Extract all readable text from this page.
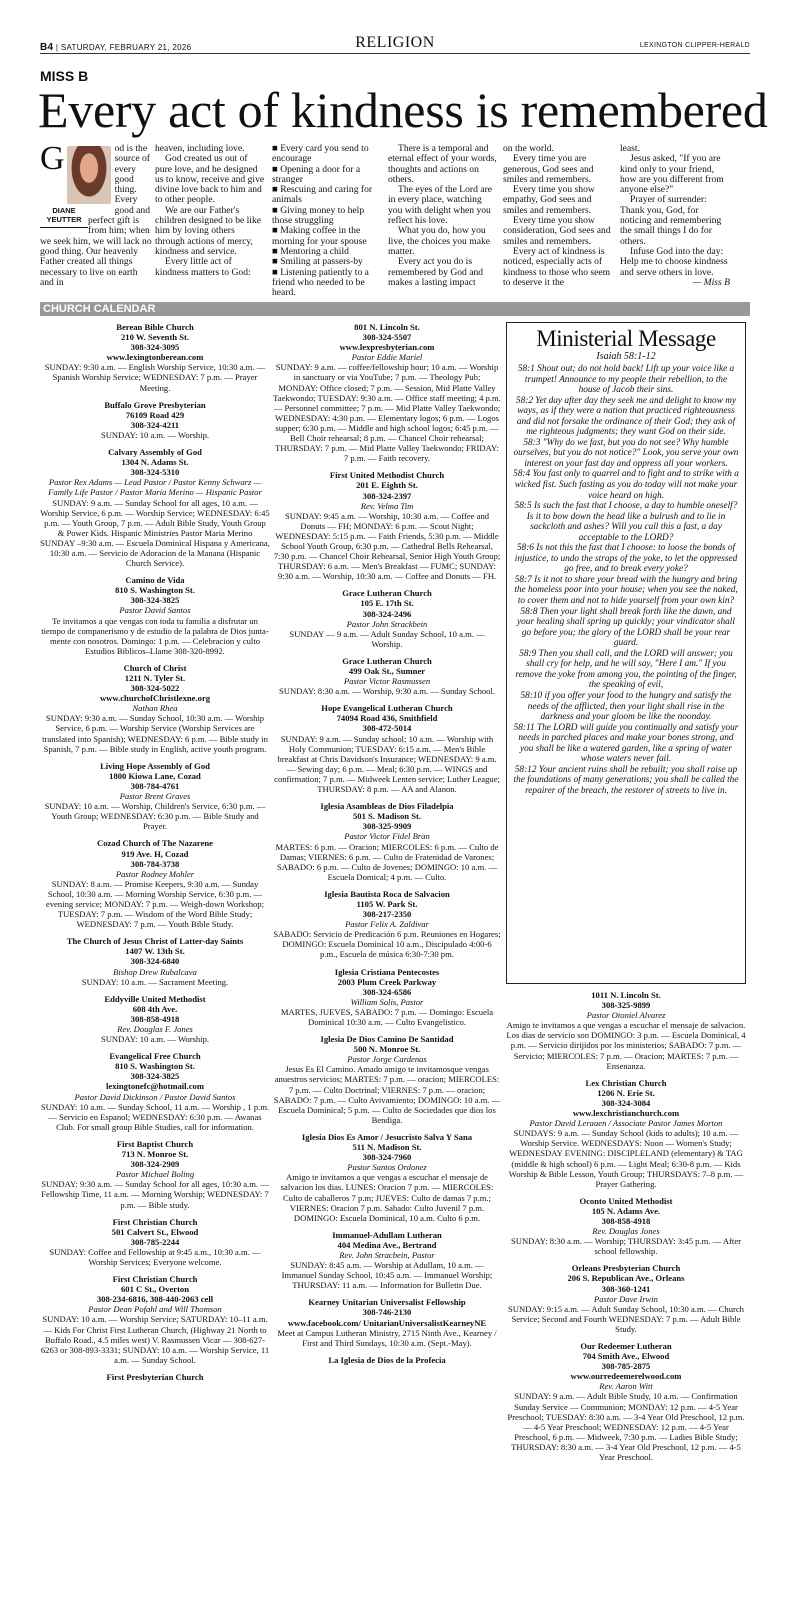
B4 | SATURDAY, FEBRUARY 21, 2026	RELIGION	LEXINGTON CLIPPER-HERALD
MISS B
Every act of kindness is remembered
G
DIANE YEUTTER

od is the source of every good thing. Every good and perfect gift is from him; when we seek him, we will lack no good thing. Our heavenly Father created all things necessary to live on earth and in

heaven, including love.

God created us out of pure love, and he designed us to know, receive and give divine love back to him and to other people.

We are our Father's children designed to be like him by loving others through actions of mercy, kindness and service.

Every little act of kindness matters to God:

■ Every card you send to encourage

■ Opening a door for a stranger

■ Rescuing and caring for animals

■ Giving money to help those struggling

■ Making coffee in the morning for your spouse

■ Mentoring a child

■ Smiling at passers-by

■ Listening patiently to a friend who needed to be heard.

There is a temporal and eternal effect of your words, thoughts and actions on others.

The eyes of the Lord are in every place, watching you with delight when you reflect his love.

What you do, how you live, the choices you make matter.

Every act you do is remembered by God and makes a lasting impact

on the world.

Every time you are generous, God sees and smiles and remembers.

Every time you show empathy, God sees and smiles and remembers.

Every time you show consideration, God sees and smiles and remembers.

Every act of kindness is noticed, especially acts of kindness to those who seem to deserve it the

least.

Jesus asked, "If you are kind only to your friend, how are you different from anyone else?"

Prayer of surrender: Thank you, God, for noticing and remembering the small things I do for others.

Infuse God into the day: Help me to choose kindness and serve others in love.

— Miss B

CHURCH CALENDAR
Berean Bible Church
210 W. Seventh St.
308-324-3095
www.lexingtonberean.com
SUNDAY: 9:30 a.m. — English Worship Service, 10:30 a.m. — Spanish Worship Service; WEDNESDAY: 7 p.m. — Prayer Meeting.
Buffalo Grove Presbyterian
76109 Road 429
308-324-4211
SUNDAY: 10 a.m. — Worship.
Calvary Assembly of God
1304 N. Adams St.
308-324-5310
Pastor Rex Adams — Lead Pastor / Pastor Kenny Schwarz — Family Life Pastor / Pastor Maria Merino — Hispanic Pastor
SUNDAY: 9 a.m. — Sunday School for all ages, 10 a.m. — Worship Service, 6 p.m. — Worship Service; WEDNESDAY: 6:45 p.m. — Youth Group, 7 p.m. — Adult Bible Study, Youth Group & Power Kids. Hispanic Ministries Pastor Maria Merino SUNDAY –9:30 a.m. — Escuela Dominical Hispana y Americana, 10:30 a.m. — Servicio de Adoracion de la Manana (Hispanic Church Service).
Camino de Vida
810 S. Washington St.
308-324-3825
Pastor David Santos
Te invitamos a que vengas con toda tu familia a disfrutar un tiempo de companerismo y de estudio de la palabra de Dios junta-mente con nosotros. Domingo: 1 p.m. — Celebracion y culto Estudios Biblicos–Llame 308-320-8992.
Church of Christ
1211 N. Tyler St.
308-324-5022
www.churchofChristlexne.org
Nathan Rhea
SUNDAY: 9:30 a.m. — Sunday School, 10:30 a.m. — Worship Service, 6 p.m. — Worship Service (Worship Services are translated into Spanish); WEDNESDAY: 6 p.m. — Bible study in Spanish, 7 p.m. — Bible study in English, active youth program.
Living Hope Assembly of God
1800 Kiowa Lane, Cozad
308-784-4761
Pastor Brent Graves
SUNDAY: 10 a.m. — Worship, Children's Service, 6:30 p.m. — Youth Group; WEDNESDAY: 6:30 p.m. — Bible Study and Prayer.
Cozad Church of The Nazarene
919 Ave. H, Cozad
308-784-3738
Pastor Rodney Mohler
SUNDAY: 8 a.m. — Promise Keepers, 9:30 a.m. — Sunday School, 10:30 a.m. — Morning Worship Service, 6:30 p.m. — evening service; MONDAY: 7 p.m. — Weigh-down Workshop; TUESDAY: 7 p.m. — Wisdom of the Word Bible Study; WEDNESDAY: 7 p.m. — Youth Bible Study.
The Church of Jesus Christ of Latter-day Saints
1407 W. 13th St.
308-324-6840
Bishop Drew Rubalcava
SUNDAY: 10 a.m. — Sacrament Meeting.
Eddyville United Methodist
608 4th Ave.
308-858-4918
Rev. Douglas F. Jones
SUNDAY: 10 a.m. — Worship.
Evangelical Free Church
810 S. Washington St.
308-324-3825
lexingtonefc@hotmail.com
Pastor David Dickinson / Pastor David Santos
SUNDAY: 10 a.m. — Sunday School, 11 a.m. — Worship , 1 p.m. — Servicio en Espanol; WEDNESDAY: 6:30 p.m. — Awanas Club. For small group Bible Studies, call for information.
First Baptist Church
713 N. Monroe St.
308-324-2909
Pastor Michael Boling
SUNDAY: 9:30 a.m. — Sunday School for all ages, 10:30 a.m. — Fellowship Time, 11 a.m. — Morning Worship; WEDNESDAY: 7 p.m. — Bible study.
First Christian Church
501 Calvert St., Elwood
308-785-2244
SUNDAY: Coffee and Fellowship at 9:45 a.m., 10:30 a.m. — Worship Services; Everyone welcome.
First Christian Church
601 C St., Overton
308-234-6816, 308-440-2063 cell
Pastor Dean Pofahl and Will Thomson
SUNDAY: 10 a.m. — Worship Service; SATURDAY: 10–11 a.m. — Kids For Christ First Lutheran Church, (Highway 21 North to Buffalo Road., 4.5 miles west) V. Rasmussen Vicar — 308-627-6263 or 308-893-3331; SUNDAY: 10 a.m. — Worship Service, 11 a.m. — Sunday School.
First Presbyterian Church
801 N. Lincoln St.
308-324-5507
www.lexpresbyterian.com
Pastor Eddie Mariel
SUNDAY: 9 a.m. — coffee/fellowship hour; 10 a.m. — Worship in sanctuary or via YouTube; 7 p.m. — Theology Pub; MONDAY: Office closed; 7 p.m. — Session, Mid Platte Valley Taekwondo; TUESDAY: 9:30 a.m. — Office staff meeting; 4 p.m. — Personnel committee; 7 p.m. — Mid Platte Valley Taekwondo; WEDNESDAY: 4:30 p.m. — Elementary logos; 6 p.m. — Logos supper; 6:30 p.m. — Middle and high school logos; 6:45 p.m. — Bell Choir rehearsal; 8 p.m. — Chancel Choir rehearsal; THURSDAY: 7 p.m. — Mid Platte Valley Taekwondo; FRIDAY: 7 p.m. — Faith recovery.
First United Methodist Church
201 E. Eighth St.
308-324-2397
Rev. Velma Tim
SUNDAY: 9:45 a.m. — Worship, 10:30 a.m. — Coffee and Donuts — FH; MONDAY: 6 p.m. — Scout Night; WEDNESDAY: 5:15 p.m. — Faith Friends, 5:30 p.m. — Middle School Youth Group, 6:30 p.m. — Cathedral Bells Rehearsal, 7:30 p.m. — Chancel Choir Rehearsal, Senior High Youth Group; THURSDAY: 6 a.m. — Men's Breakfast — FUMC; SUNDAY: 9:30 a.m. — Worship, 10:30 a.m. — Coffee and Donuts — FH.
Grace Lutheran Church
105 E. 17th St.
308-324-2496
Pastor John Strackbein
SUNDAY — 9 a.m. — Adult Sunday School, 10 a.m. — Worship.
Grace Lutheran Church
499 Oak St., Sumner
Pastor Victor Rasmussen
SUNDAY: 8:30 a.m. — Worship, 9:30 a.m. — Sunday School.
Hope Evangelical Lutheran Church
74094 Road 436, Smithfield
308-472-5014
SUNDAY: 9 a.m. — Sunday school; 10 a.m. — Worship with Holy Communion; TUESDAY: 6:15 a.m. — Men's Bible breakfast at Chris Davidson's Insurance; WEDNESDAY: 9 a.m. — Sewing day; 6 p.m. — Meal; 6:30 p.m. — WINGS and confirmation; 7 p.m. — Midweek Lenten service; Luther League; THURSDAY: 8 p.m. — AA and Alanon.
Iglesia Asambleas de Dios Filadelpia
501 S. Madison St.
308-325-9909
Pastor Victor Fidel Bran
MARTES: 6 p.m. — Oracion; MIERCOLES: 6 p.m. — Culto de Damas; VIERNES: 6 p.m. — Culto de Fratenidad de Varones; SABADO: 6 p.m. — Culto de Jovenes; DOMINGO: 10 a.m. — Escuela Domical; 4 p.m. — Culto.
Iglesia Bautista Roca de Salvacion
1105 W. Park St.
308-217-2350
Pastor Felix A. Zaldivar
SABADO: Servicio de Predicación 6 p.m. Reuniones en Hogares; DOMINGO: Escuela Dominical 10 a.m., Discipulado 4:00-6 p.m., Escuela de música 6:30-7:30 pm.
Iglesia Cristiana Pentecostes
2003 Plum Creek Parkway
308-324-6586
William Solis, Pastor
MARTES, JUEVES, SABADO: 7 p.m. — Domingo: Escuela Dominical 10:30 a.m. — Culto Evangelistico.
Iglesia De Dios Camino De Santidad
500 N. Monroe St.
Pastor Jorge Cardenas
Jesus Es El Camino. Amado amigo te invitamosque vengas anuestros servicios; MARTES: 7 p.m. — oracion; MIERCOLES: 7 p.m. — Culto Doctrinal; VIERNES: 7 p.m. — oracion; SABADO: 7 p.m. — Culto Avivamiento; DOMINGO: 10 a.m. — Escuela Dominical; 5 p.m. — Culto de Sociedades que dios los Bendiga.
Iglesia Dios Es Amor / Jesucristo Salva Y Sana
511 N. Madison St.
308-324-7960
Pastor Santos Ordonez
Amigo te invitamos a que vengas a escuchar el mensaje de salvacion los dias. LUNES: Oracion 7 p.m. — MIERCOLES: Culto de caballeros 7 p.m; JUEVES: Culto de damas 7 p.m.; VIERNES: Oracion 7 p.m. Sabado: Culto Juvenil 7 p.m. DOMINGO: Escuela Dominical, 10 a.m. Culto 6 p.m.
Immanuel-Adullam Lutheran
404 Medina Ave., Bertrand
Rev. John Stracbein, Pastor
SUNDAY: 8:45 a.m. — Worship at Adullam, 10 a.m. — Immanuel Sunday School, 10:45 a.m. — Immanuel Worship; THURSDAY: 11 a.m. — Information for Bulletin Due.
Kearney Unitarian Universalist Fellowship
308-746-2130
www.facebook.com/ UnitarianUniversalistKearneyNE
Meet at Campus Lutheran Ministry, 2715 Ninth Ave., Kearney / First and Third Sundays, 10:30 a.m. (Sept.-May).
La Iglesia de Dios de la Profecia
Ministerial Message
Isaiah 58:1-12

58:1 Shout out; do not hold back! Lift up your voice like a trumpet! Announce to my people their rebellion, to the house of Jacob their sins.

58:2 Yet day after day they seek me and delight to know my ways, as if they were a nation that practiced righteousness and did not forsake the ordinance of their God; they ask of me righteous judgments; they want God on their side.

58:3 "Why do we fast, but you do not see? Why humble ourselves, but you do not notice?" Look, you serve your own interest on your fast day and oppress all your workers.

58:4 You fast only to quarrel and to fight and to strike with a wicked fist. Such fasting as you do today will not make your voice heard on high.

58:5 Is such the fast that I choose, a day to humble oneself? Is it to bow down the head like a bulrush and to lie in sackcloth and ashes? Will you call this a fast, a day acceptable to the LORD?

58:6 Is not this the fast that I choose: to loose the bonds of injustice, to undo the straps of the yoke, to let the oppressed go free, and to break every yoke?

58:7 Is it not to share your bread with the hungry and bring the homeless poor into your house; when you see the naked, to cover them and not to hide yourself from your own kin?

58:8 Then your light shall break forth like the dawn, and your healing shall spring up quickly; your vindicator shall go before you; the glory of the LORD shall be your rear guard.

58:9 Then you shall call, and the LORD will answer; you shall cry for help, and he will say, "Here I am." If you remove the yoke from among you, the pointing of the finger, the speaking of evil,

58:10 if you offer your food to the hungry and satisfy the needs of the afflicted, then your light shall rise in the darkness and your gloom be like the noonday.

58:11 The LORD will guide you continually and satisfy your needs in parched places and make your bones strong, and you shall be like a watered garden, like a spring of water whose waters never fail.

58:12 Your ancient ruins shall be rebuilt; you shall raise up the foundations of many generations; you shall be called the repairer of the breach, the restorer of streets to live in.

1011 N. Lincoln St.
308-325-9899
Pastor Otoniel Alvarez
Amigo te invitamos a que vengas a escuchar el mensaje de salvacion. Los dias de servicio son DOMINGO: 3 p.m. — Escuela Dominical, 4 p.m. — Servicio dirijidos por los ministerios; SABADO: 7 p.m. — Servicio; MIERCOLES: 7 p.m. — Oracion; MARTES: 7 p.m. — Ensenanza.
Lex Christian Church
1206 N. Erie St.
308-324-3084
www.lexchristianchurch.com
Pastor David Leraaen / Associate Pastor James Morton
SUNDAYS: 9 a.m. — Sunday School (kids to adults); 10 a.m. — Worship Service. WEDNESDAYS: Noon — Women's Study; WEDNESDAY EVENING: DISCIPLELAND (elementary) & TAG (middle & high school) 6 p.m. — Light Meal; 6:30-8 p.m. — Kids Worship & Bible Lesson, Youth Group; THURSDAYS: 7–8 p.m. — Prayer Gathering.
Oconto United Methodist
105 N. Adams Ave.
308-858-4918
Rev. Douglas Jones
SUNDAY: 8:30 a.m. — Worship; THURSDAY: 3:45 p.m. — After school fellowship.
Orleans Presbyterian Church
206 S. Republican Ave., Orleans
308-360-1241
Pastor Dave Irwin
SUNDAY: 9:15 a.m. — Adult Sunday School, 10:30 a.m. — Church Service; Second and Fourth WEDNESDAY: 7 p.m. — Adult Bible Study.
Our Redeemer Lutheran
704 Smith Ave., Elwood
308-785-2875
www.ourredeemerelwood.com
Rev. Aaron Witt
SUNDAY: 9 a.m. — Adult Bible Study, 10 a.m. — Confirmation Sunday Service — Communion; MONDAY: 12 p.m. — 4-5 Year Preschool; TUESDAY: 8:30 a.m. — 3-4 Year Old Preschool, 12 p.m. — 4-5 Year Preschool; WEDNESDAY: 12 p.m. — 4-5 Year Preschool, 6 p.m. — Midweek, 7:30 p.m. — Ladies Bible Study; THURSDAY: 8:30 a.m. — 3-4 Year Old Preschool, 12 p.m. — 4-5 Year Preschool.
